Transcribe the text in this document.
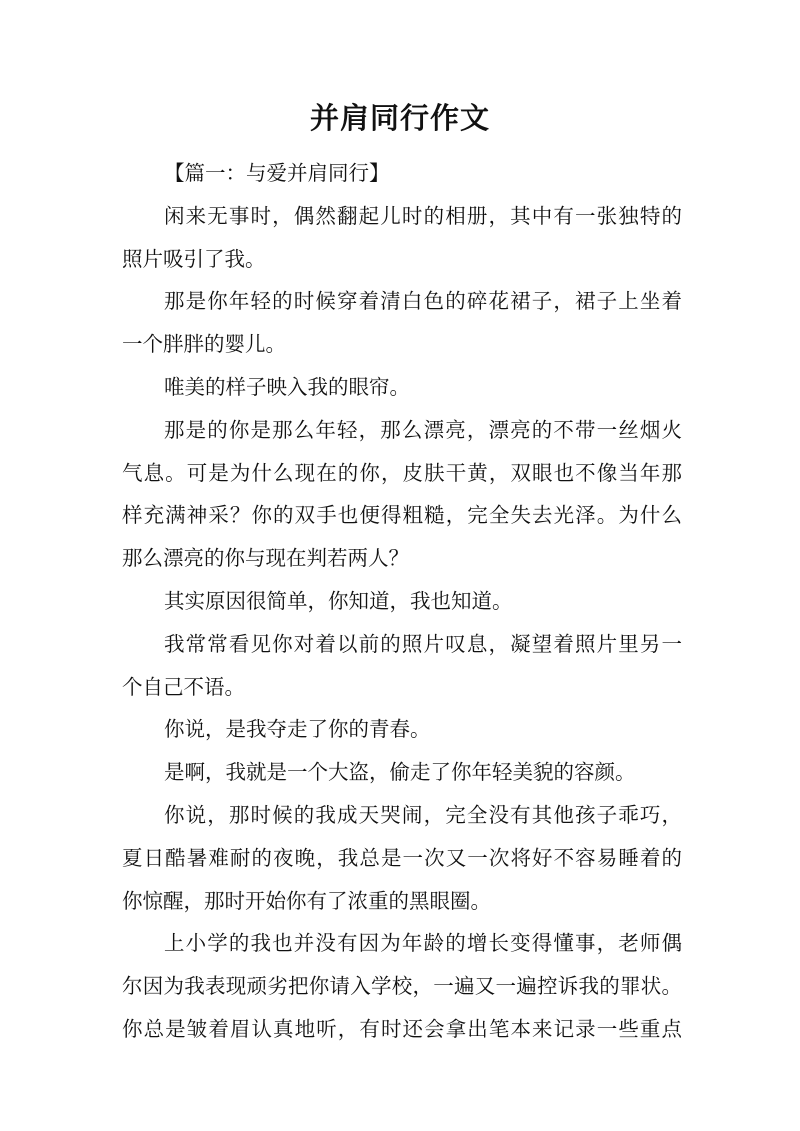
并肩同行作文
【篇一：与爱并肩同行】
闲来无事时，偶然翻起儿时的相册，其中有一张独特的
照片吸引了我。
那是你年轻的时候穿着清白色的碎花裙子，裙子上坐着
一个胖胖的婴儿。
唯美的样子映入我的眼帘。
那是的你是那么年轻，那么漂亮，漂亮的不带一丝烟火
气息。可是为什么现在的你，皮肤干黄，双眼也不像当年那
样充满神采？你的双手也便得粗糙，完全失去光泽。为什么
那么漂亮的你与现在判若两人？
其实原因很简单，你知道，我也知道。
我常常看见你对着以前的照片叹息，凝望着照片里另一
个自己不语。
你说，是我夺走了你的青春。
是啊，我就是一个大盗，偷走了你年轻美貌的容颜。
你说，那时候的我成天哭闹，完全没有其他孩子乖巧，
夏日酷暑难耐的夜晚，我总是一次又一次将好不容易睡着的
你惊醒，那时开始你有了浓重的黑眼圈。
上小学的我也并没有因为年龄的增长变得懂事，老师偶
尔因为我表现顽劣把你请入学校，一遍又一遍控诉我的罪状。
你总是皱着眉认真地听，有时还会拿出笔本来记录一些重点
